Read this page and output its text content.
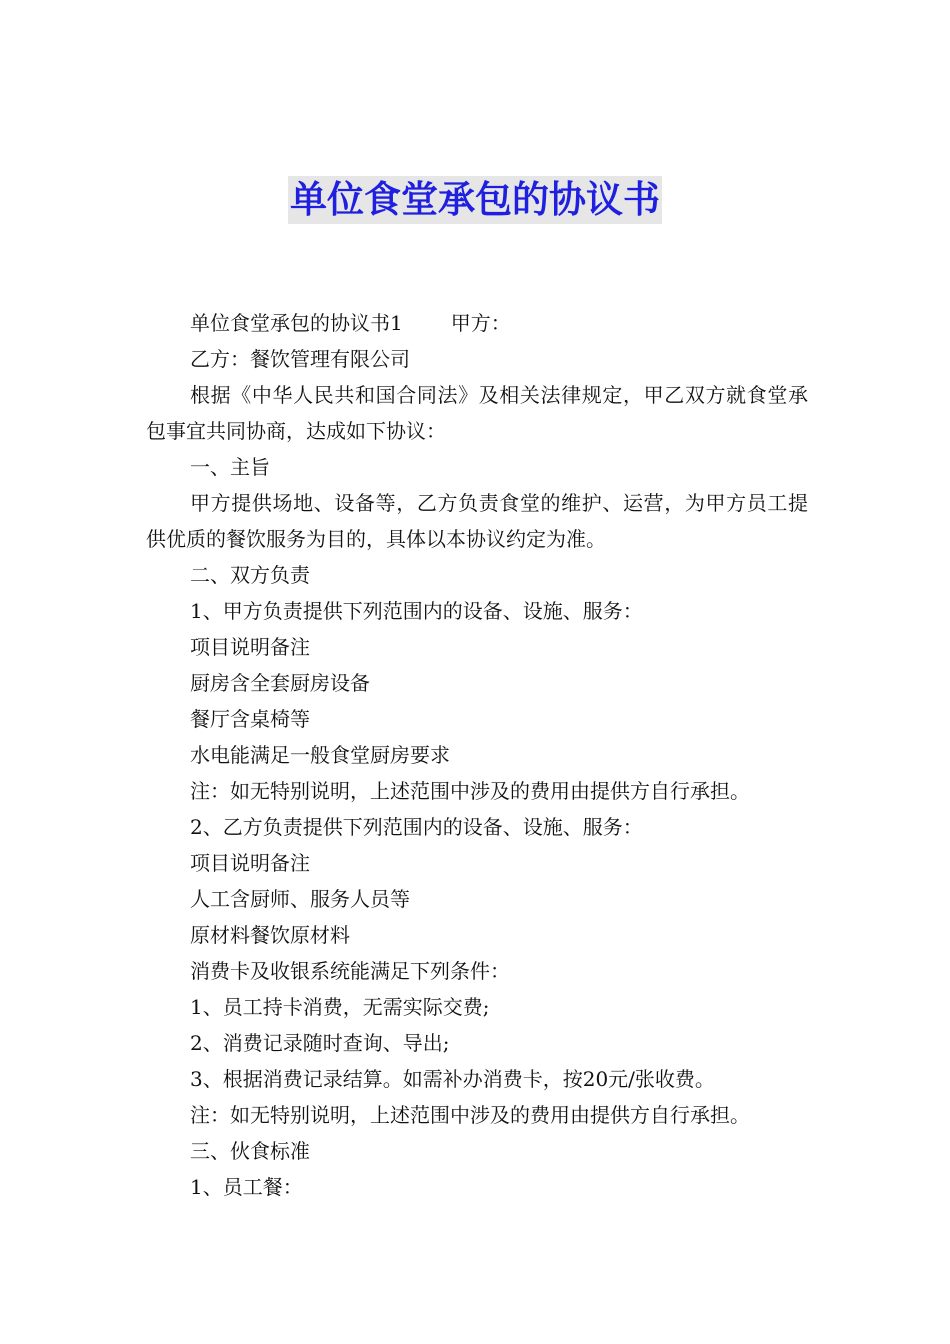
单位食堂承包的协议书

单位食堂承包的协议书1 甲方：

乙方：餐饮管理有限公司

根据《中华人民共和国合同法》及相关法律规定，甲乙双方就食堂承包事宜共同协商，达成如下协议：

一、主旨

甲方提供场地、设备等，乙方负责食堂的维护、运营，为甲方员工提供优质的餐饮服务为目的，具体以本协议约定为准。

二、双方负责

1、甲方负责提供下列范围内的设备、设施、服务：

项目说明备注

厨房含全套厨房设备

餐厅含桌椅等

水电能满足一般食堂厨房要求

注：如无特别说明，上述范围中涉及的费用由提供方自行承担。

2、乙方负责提供下列范围内的设备、设施、服务：

项目说明备注

人工含厨师、服务人员等

原材料餐饮原材料

消费卡及收银系统能满足下列条件：

1、员工持卡消费，无需实际交费;

2、消费记录随时查询、导出;

3、根据消费记录结算。如需补办消费卡，按20元/张收费。

注：如无特别说明，上述范围中涉及的费用由提供方自行承担。

三、伙食标准

1、员工餐：
